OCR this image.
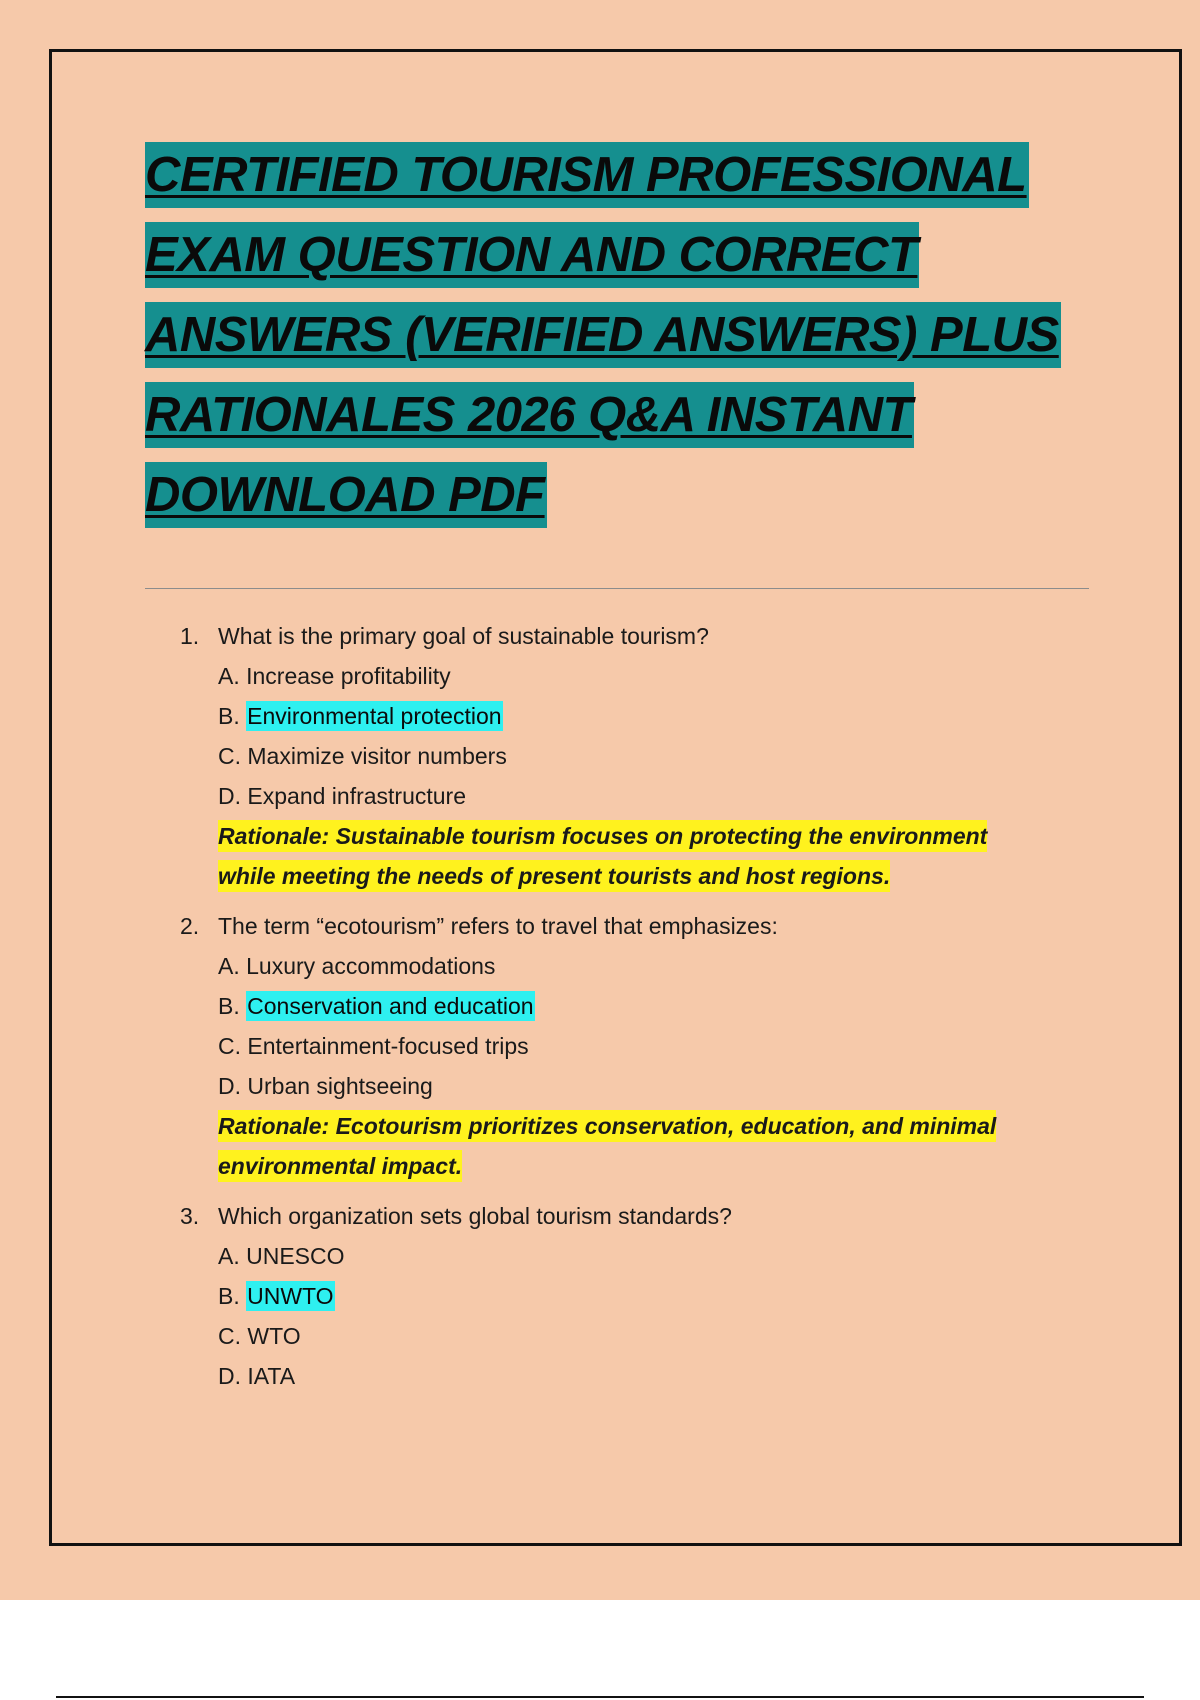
CERTIFIED TOURISM PROFESSIONAL
EXAM QUESTION AND CORRECT
ANSWERS (VERIFIED ANSWERS) PLUS
RATIONALES 2026 Q&A INSTANT
DOWNLOAD PDF
1. What is the primary goal of sustainable tourism?
A. Increase profitability
B. Environmental protection
C. Maximize visitor numbers
D. Expand infrastructure
Rationale: Sustainable tourism focuses on protecting the environment while meeting the needs of present tourists and host regions.
2. The term “ecotourism” refers to travel that emphasizes:
A. Luxury accommodations
B. Conservation and education
C. Entertainment-focused trips
D. Urban sightseeing
Rationale: Ecotourism prioritizes conservation, education, and minimal environmental impact.
3. Which organization sets global tourism standards?
A. UNESCO
B. UNWTO
C. WTO
D. IATA
